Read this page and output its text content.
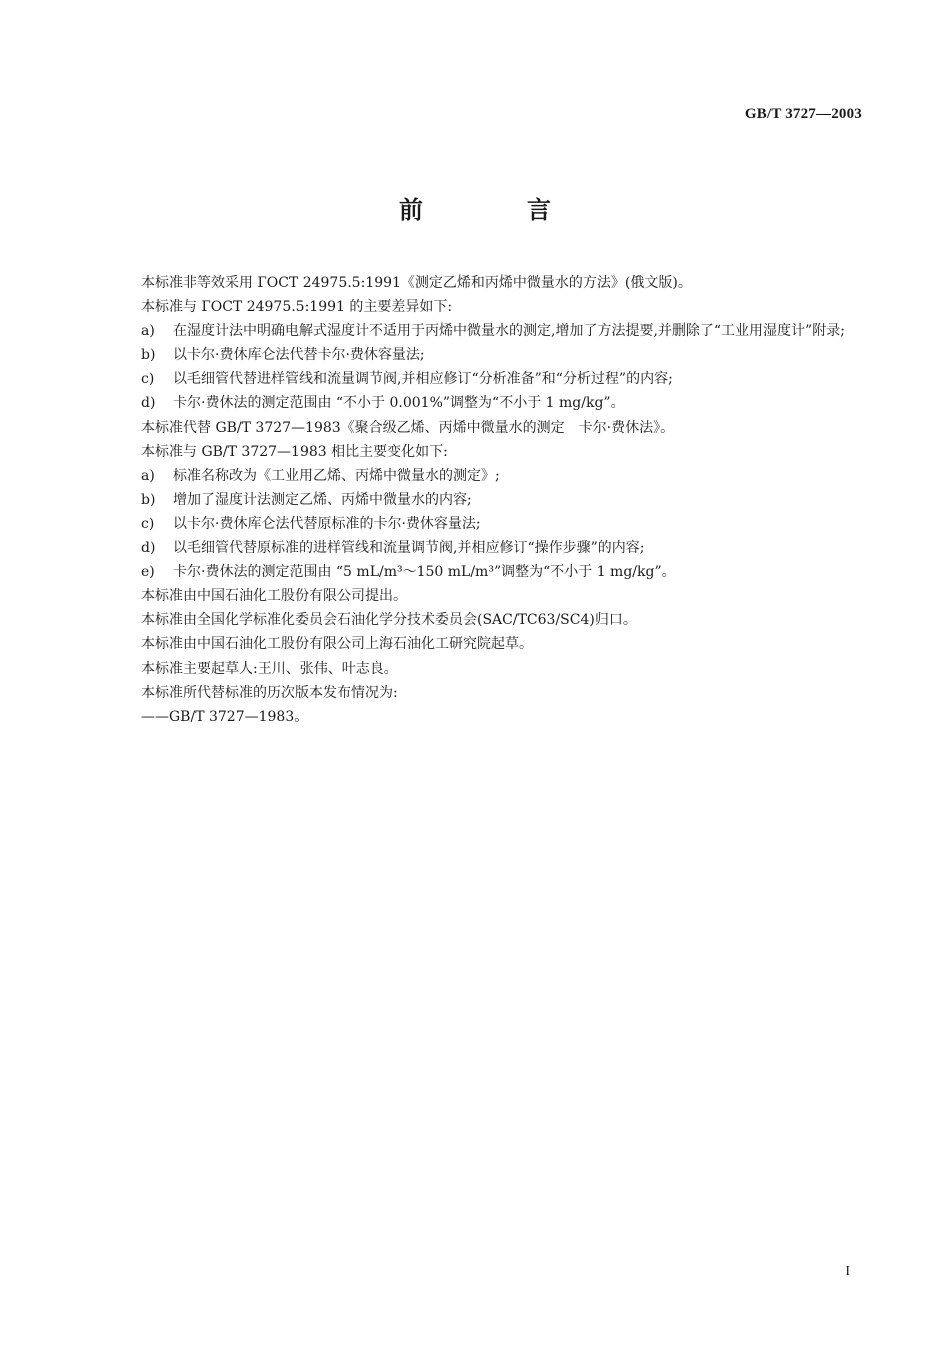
GB/T 3727—2003
前　言

本标准非等效采用 ГОСТ 24975.5:1991《测定乙烯和丙烯中微量水的方法》(俄文版)。

本标准与 ГОСТ 24975.5:1991 的主要差异如下:

a) 在湿度计法中明确电解式湿度计不适用于丙烯中微量水的测定,增加了方法提要,并删除了“工业用湿度计”附录;

b) 以卡尔·费休库仑法代替卡尔·费休容量法;

c) 以毛细管代替进样管线和流量调节阀,并相应修订“分析准备”和“分析过程”的内容;

d) 卡尔·费休法的测定范围由 “不小于 0.001%”调整为“不小于 1 mg/kg”。

本标准代替 GB/T 3727—1983《聚合级乙烯、丙烯中微量水的测定　卡尔·费休法》。

本标准与 GB/T 3727—1983 相比主要变化如下:

a) 标准名称改为《工业用乙烯、丙烯中微量水的测定》;

b) 增加了湿度计法测定乙烯、丙烯中微量水的内容;

c) 以卡尔·费休库仑法代替原标准的卡尔·费休容量法;

d) 以毛细管代替原标准的进样管线和流量调节阀,并相应修订“操作步骤”的内容;

e) 卡尔·费休法的测定范围由 “5 mL/m³～150 mL/m³”调整为“不小于 1 mg/kg”。

本标准由中国石油化工股份有限公司提出。

本标准由全国化学标准化委员会石油化学分技术委员会(SAC/TC63/SC4)归口。

本标准由中国石油化工股份有限公司上海石油化工研究院起草。

本标准主要起草人:王川、张伟、叶志良。

本标准所代替标准的历次版本发布情况为:

——GB/T 3727—1983。

I
